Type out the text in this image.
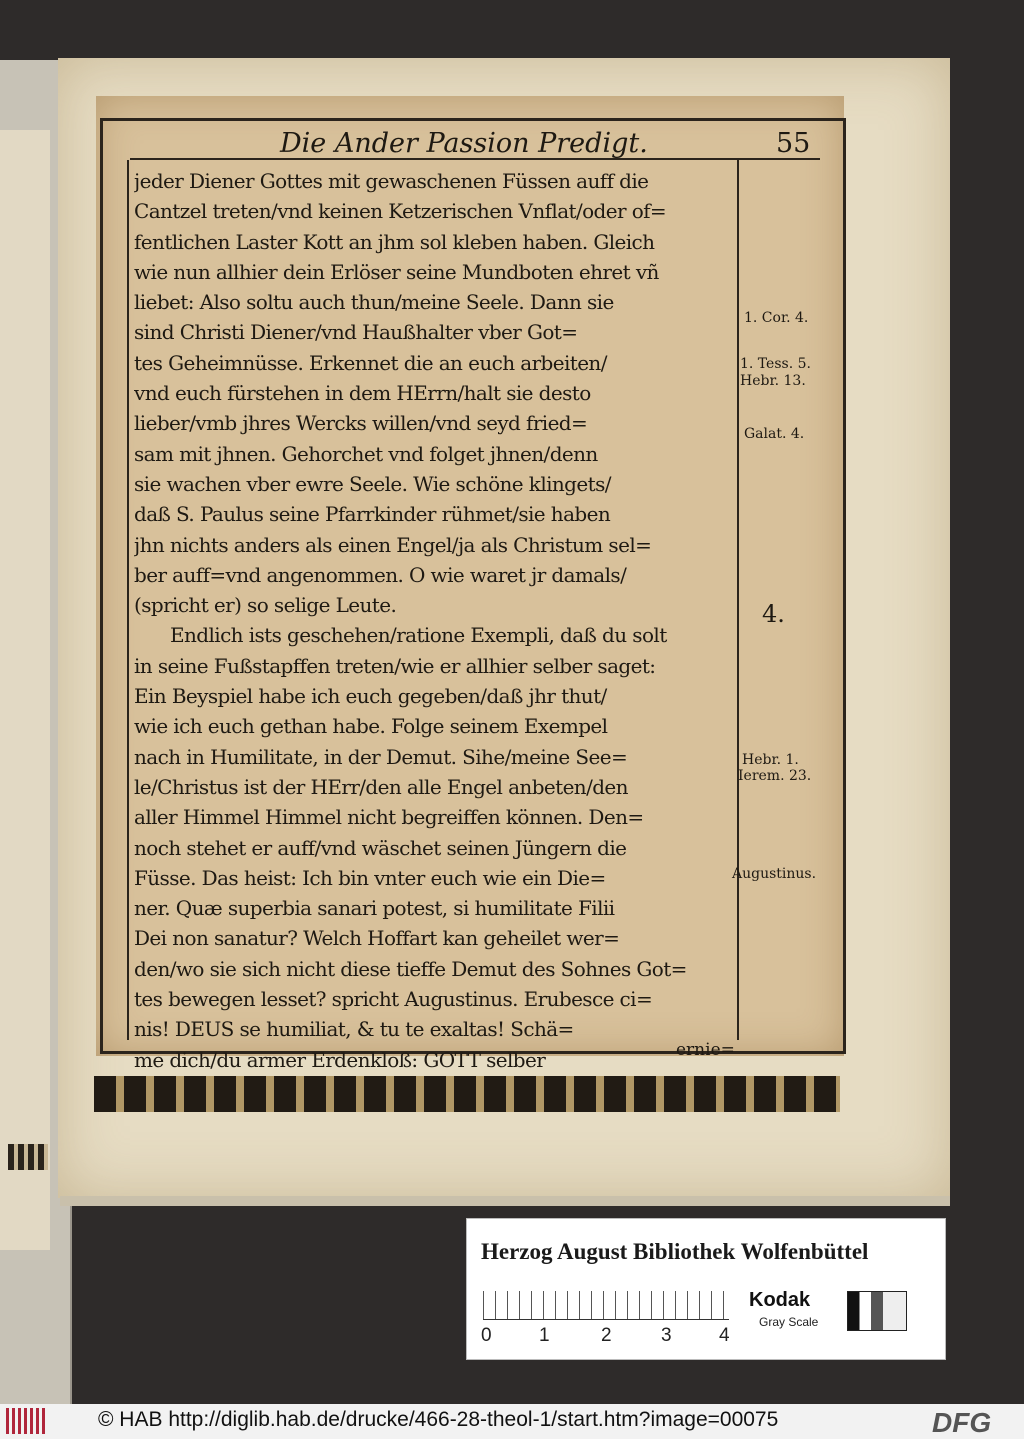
Die Ander Passion Predigt.	55
jeder Diener Gottes mit gewaschenen Füssen auff die
Cantzel treten/vnd keinen Ketzerischen Vnflat/oder of=
fentlichen Laster Kott an jhm sol kleben haben. Gleich
wie nun allhier dein Erlöser seine Mundboten ehret vñ
liebet: Also soltu auch thun/meine Seele. Dann sie
sind Christi Diener/vnd Haußhalter vber Got=
tes Geheimnüsse. Erkennet die an euch arbeiten/
vnd euch fürstehen in dem HErrn/halt sie desto
lieber/vmb jhres Wercks willen/vnd seyd fried=
sam mit jhnen. Gehorchet vnd folget jhnen/denn
sie wachen vber ewre Seele. Wie schöne klingets/
daß S. Paulus seine Pfarrkinder rühmet/sie haben
jhn nichts anders als einen Engel/ja als Christum sel=
ber auff=vnd angenommen. O wie waret jr damals/
(spricht er) so selige Leute.
Endlich ists geschehen/ratione Exempli, daß du solt
in seine Fußstapffen treten/wie er allhier selber saget:
Ein Beyspiel habe ich euch gegeben/daß jhr thut/
wie ich euch gethan habe. Folge seinem Exempel
nach in Humilitate, in der Demut. Sihe/meine See=
le/Christus ist der HErr/den alle Engel anbeten/den
aller Himmel Himmel nicht begreiffen können. Den=
noch stehet er auff/vnd wäschet seinen Jüngern die
Füsse. Das heist: Ich bin vnter euch wie ein Die=
ner. Quæ superbia sanari potest, si humilitate Filii
Dei non sanatur? Welch Hoffart kan geheilet wer=
den/wo sie sich nicht diese tieffe Demut des Sohnes Got=
tes bewegen lesset? spricht Augustinus. Erubesce ci=
nis! DEUS se humiliat, & tu te exaltas! Schä=
me dich/du armer Erdenkloß: GOTT selber	ernie=
1. Cor. 4.
1. Tess. 5.
Hebr. 13.
Galat. 4.
4.
Hebr. 1.
Ierem. 23.
Augustinus.
Herzog August Bibliothek Wolfenbüttel
0 1	2	3 4
Kodak
Gray Scale
© HAB http://diglib.hab.de/drucke/466-28-theol-1/start.htm?image=00075	DFG
